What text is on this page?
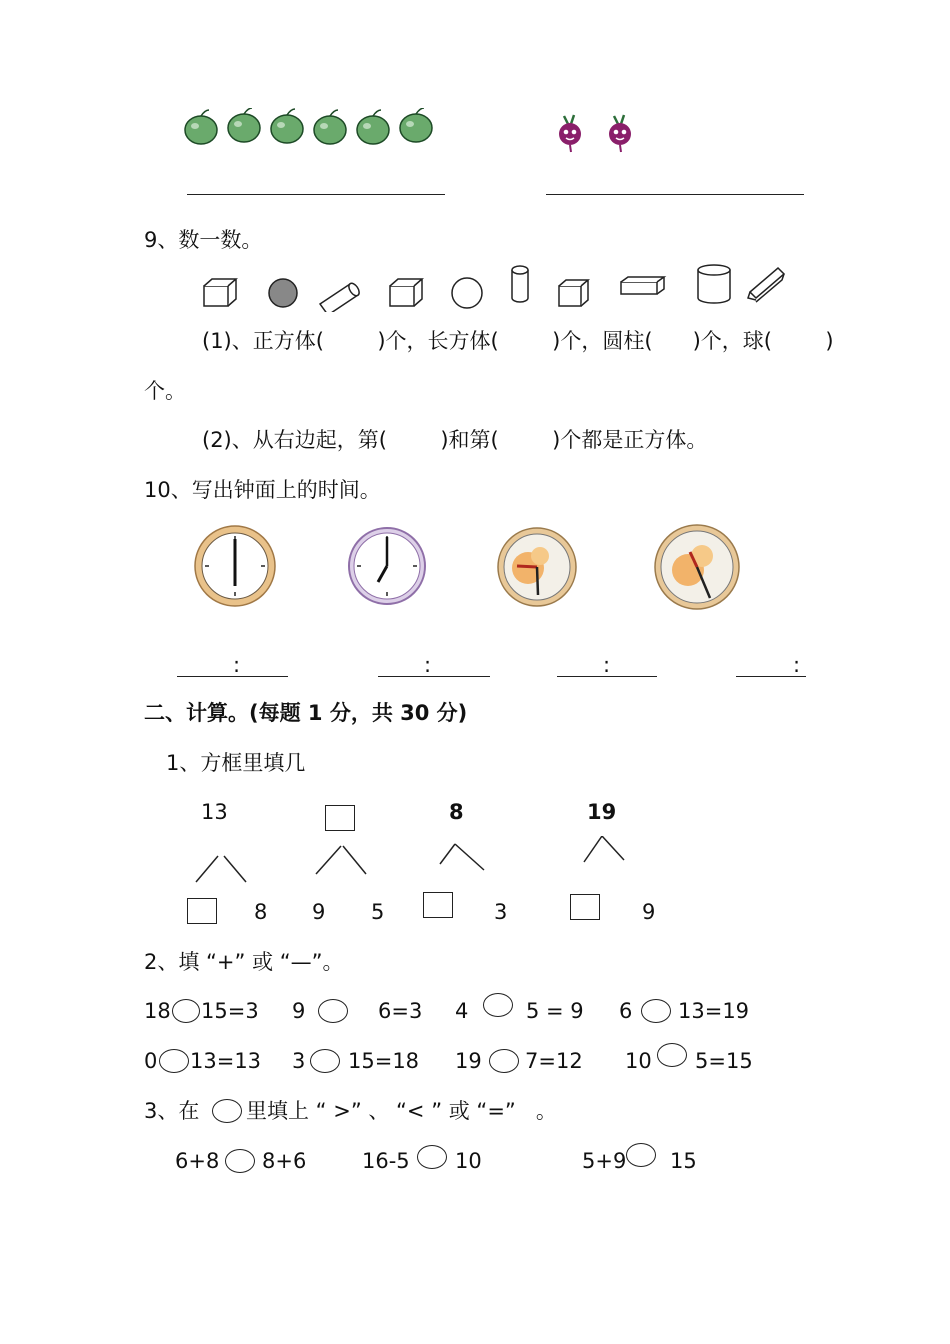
9、数一数。
(1)、正方体(        )个，长方体(        )个，圆柱(      )个，球(        )
个。
(2)、从右边起，第(        )和第(        )个都是正方体。
10、写出钟面上的时间。
:	:	:	:
二、计算。(每题 1 分，共 30 分)
1、方框里填几
13	8	19
8 9 5	3	9
2、填 “+” 或 “—”。
18 15=3 9	6=3 4	5 = 9 6 13=19
0 13=13 3 15=18 19 7=12 10 5=15
3、在 里填上 “ >” 、 “< ” 或 “=”   。
6+8 8+6	16-5 10	5+9 15
